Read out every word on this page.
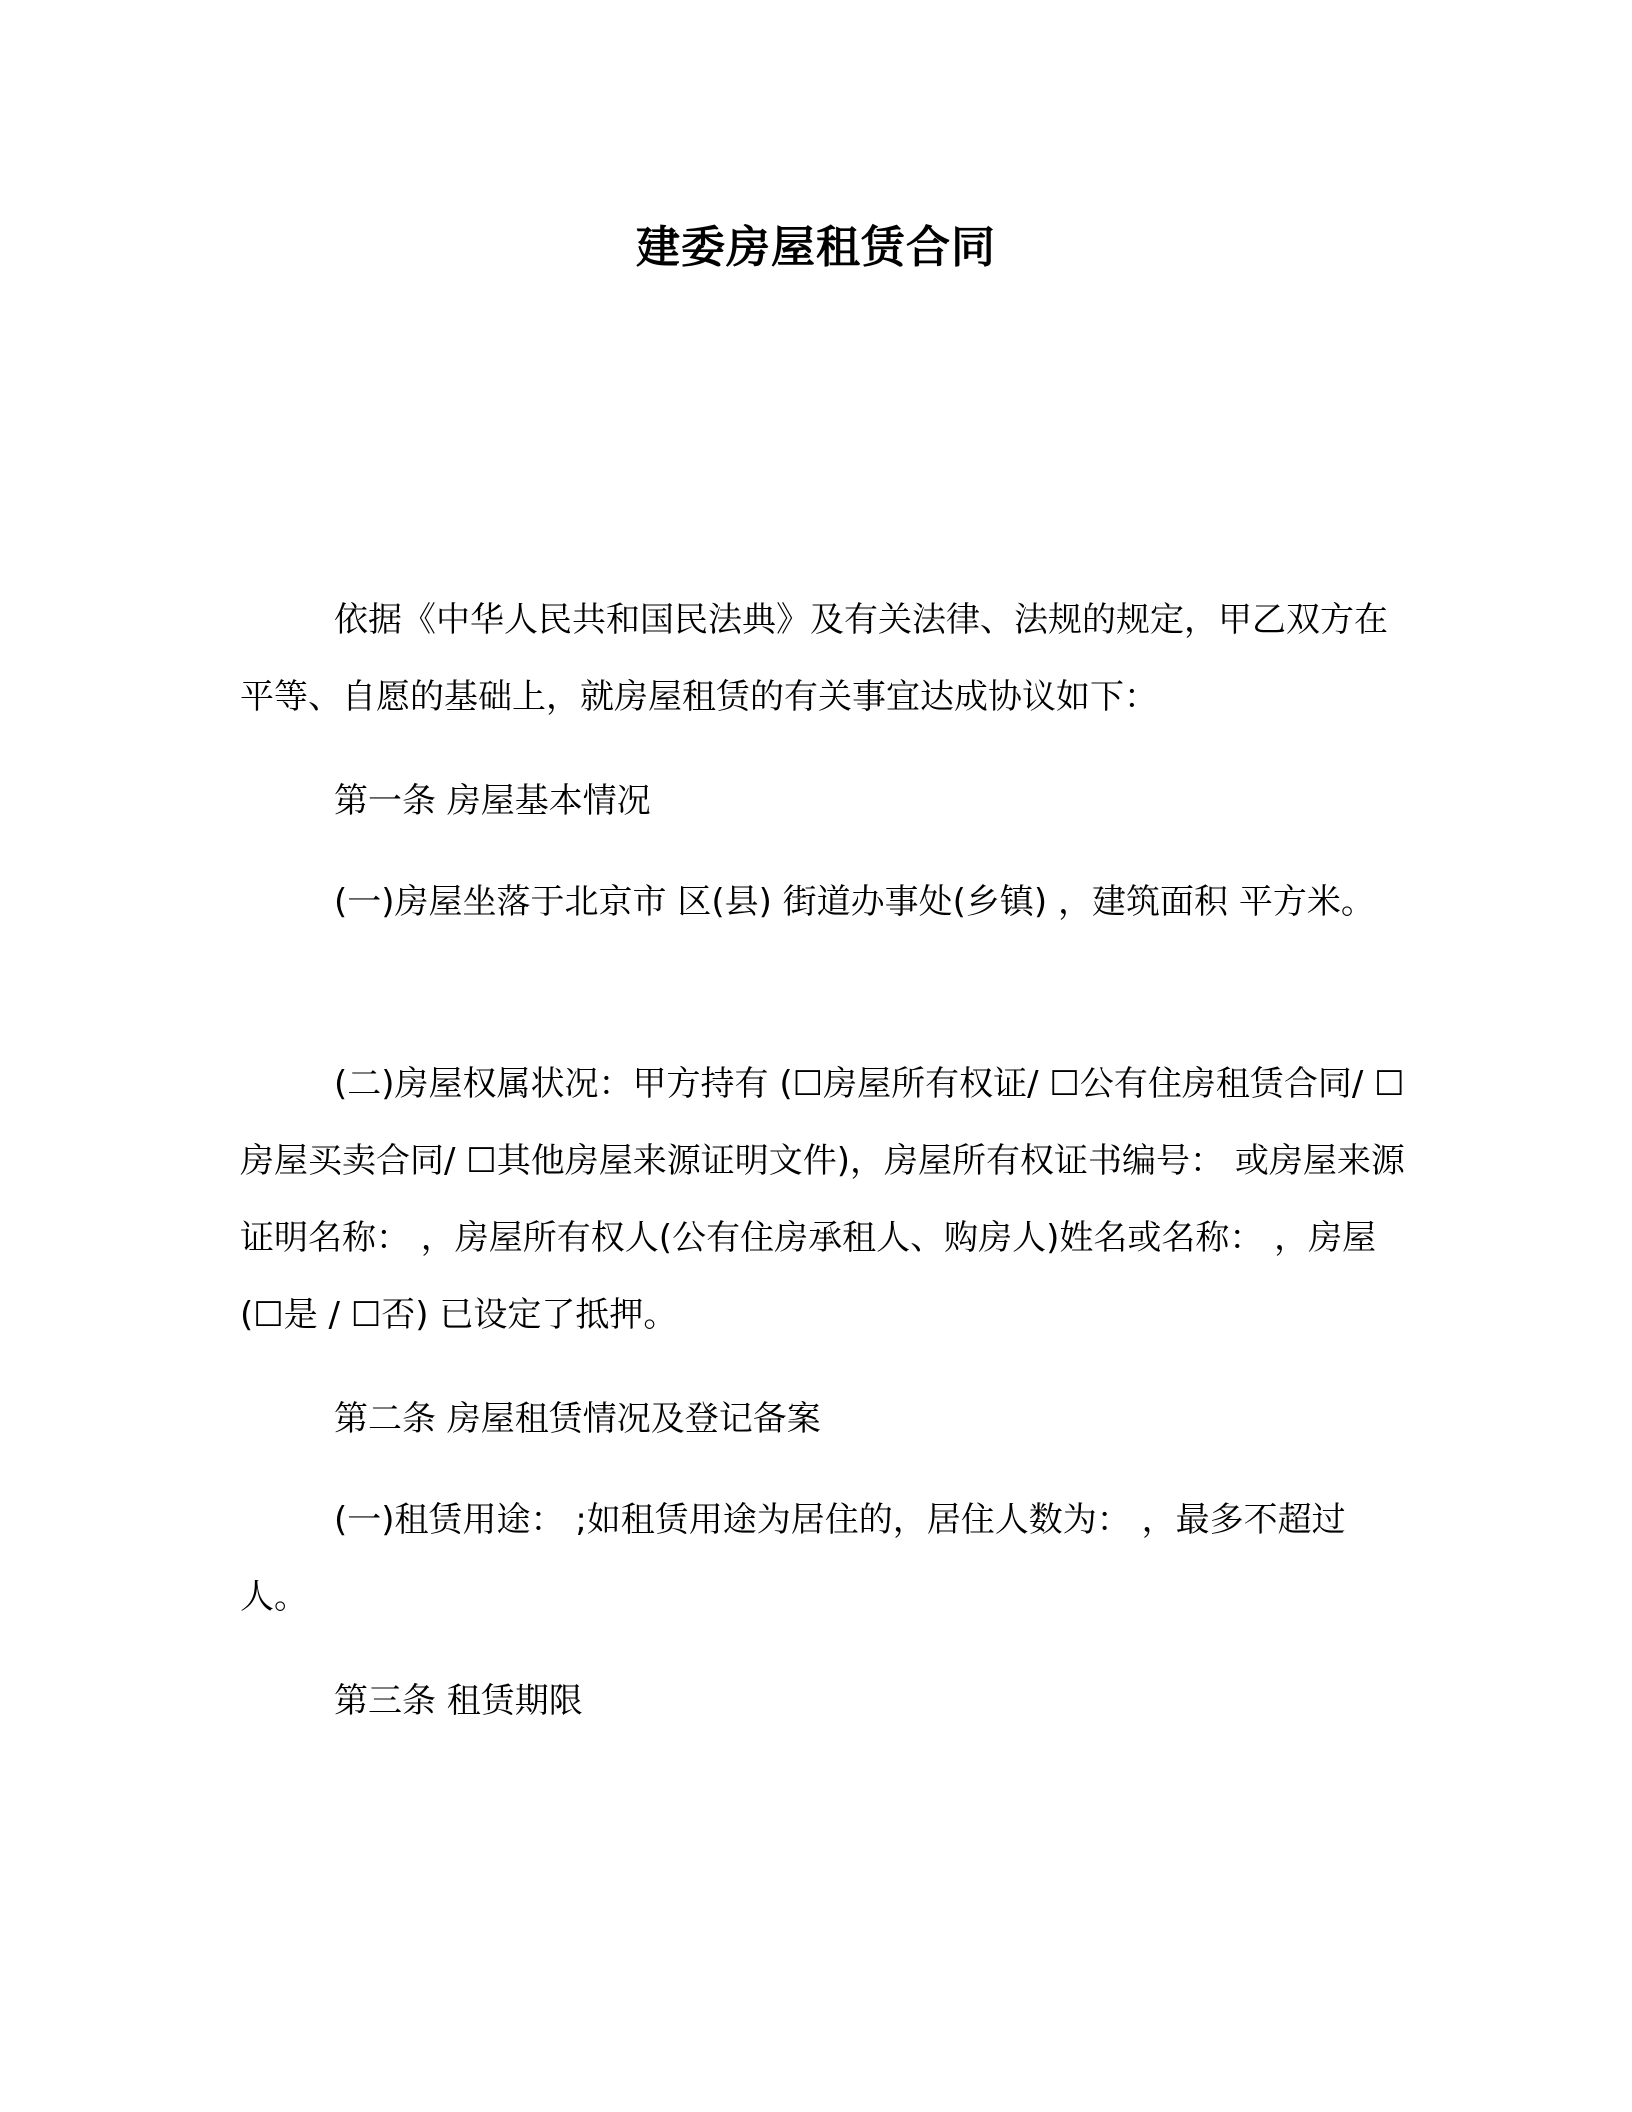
建委房屋租赁合同

依据《中华人民共和国民法典》及有关法律、法规的规定，甲乙双方在平等、自愿的基础上，就房屋租赁的有关事宜达成协议如下：

第一条 房屋基本情况

(一)房屋坐落于北京市 区(县) 街道办事处(乡镇) ，建筑面积 平方米。

(二)房屋权属状况：甲方持有 (☐房屋所有权证/ ☐公有住房租赁合同/ ☐房屋买卖合同/ ☐其他房屋来源证明文件)，房屋所有权证书编号： 或房屋来源证明名称： ，房屋所有权人(公有住房承租人、购房人)姓名或名称： ，房屋(☐是 / ☐否) 已设定了抵押。

第二条 房屋租赁情况及登记备案

(一)租赁用途： ;如租赁用途为居住的，居住人数为： ，最多不超过 人。

第三条 租赁期限
